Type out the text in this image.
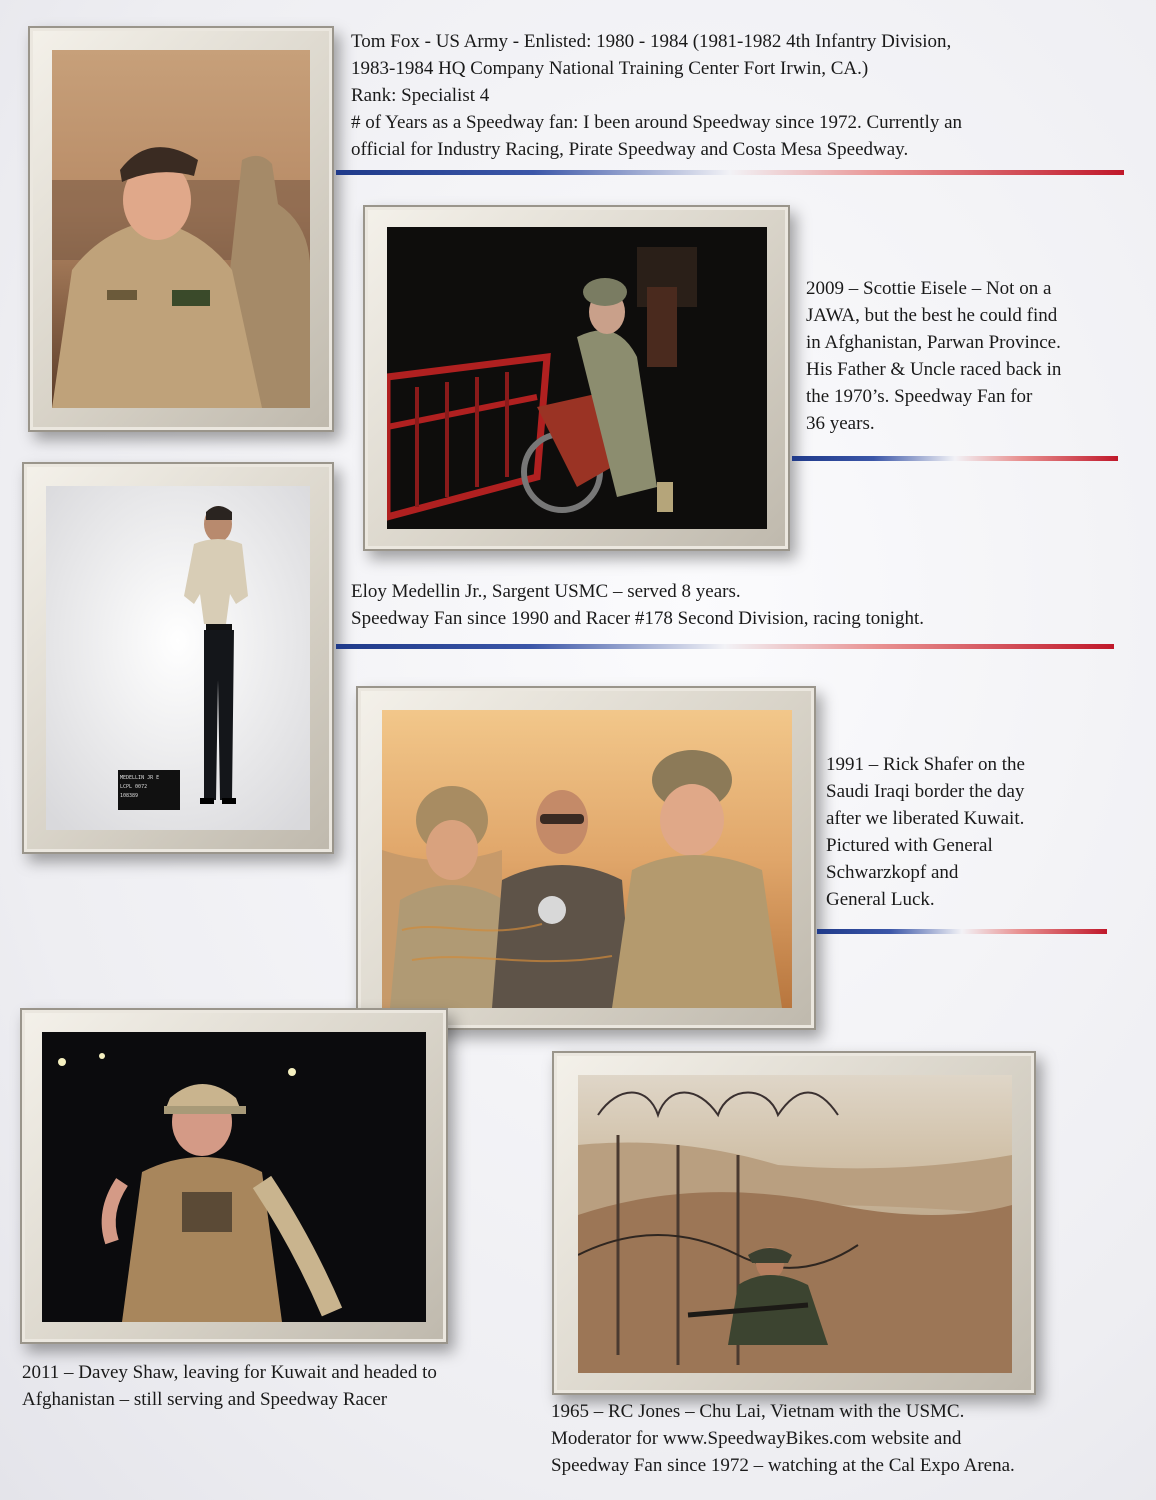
Tom Fox - US Army - Enlisted: 1980 - 1984 (1981-1982 4th Infantry Division,

1983-1984 HQ Company National Training Center Fort Irwin, CA.)

Rank: Specialist 4

# of Years as a Speedway fan: I been around Speedway since 1972. Currently an

official for Industry Racing, Pirate Speedway and Costa Mesa Speedway.

2009 – Scottie Eisele – Not on a

JAWA, but the best he could find

in Afghanistan, Parwan Province.

His Father & Uncle raced back in

the 1970’s. Speedway Fan for

36 years.

MEDELLIN JR E
LCPL 0072
108389

Eloy Medellin Jr., Sargent USMC – served 8 years.

Speedway Fan since 1990 and Racer #178 Second Division, racing tonight.

1991 – Rick Shafer on the

Saudi Iraqi border the day

after we liberated Kuwait.

Pictured with General

Schwarzkopf and

General Luck.

2011 – Davey Shaw, leaving for Kuwait and headed to

Afghanistan – still serving and Speedway Racer

1965 – RC Jones – Chu Lai, Vietnam with the USMC.

Moderator for www.SpeedwayBikes.com website and

Speedway Fan since 1972 – watching at the Cal Expo Arena.
